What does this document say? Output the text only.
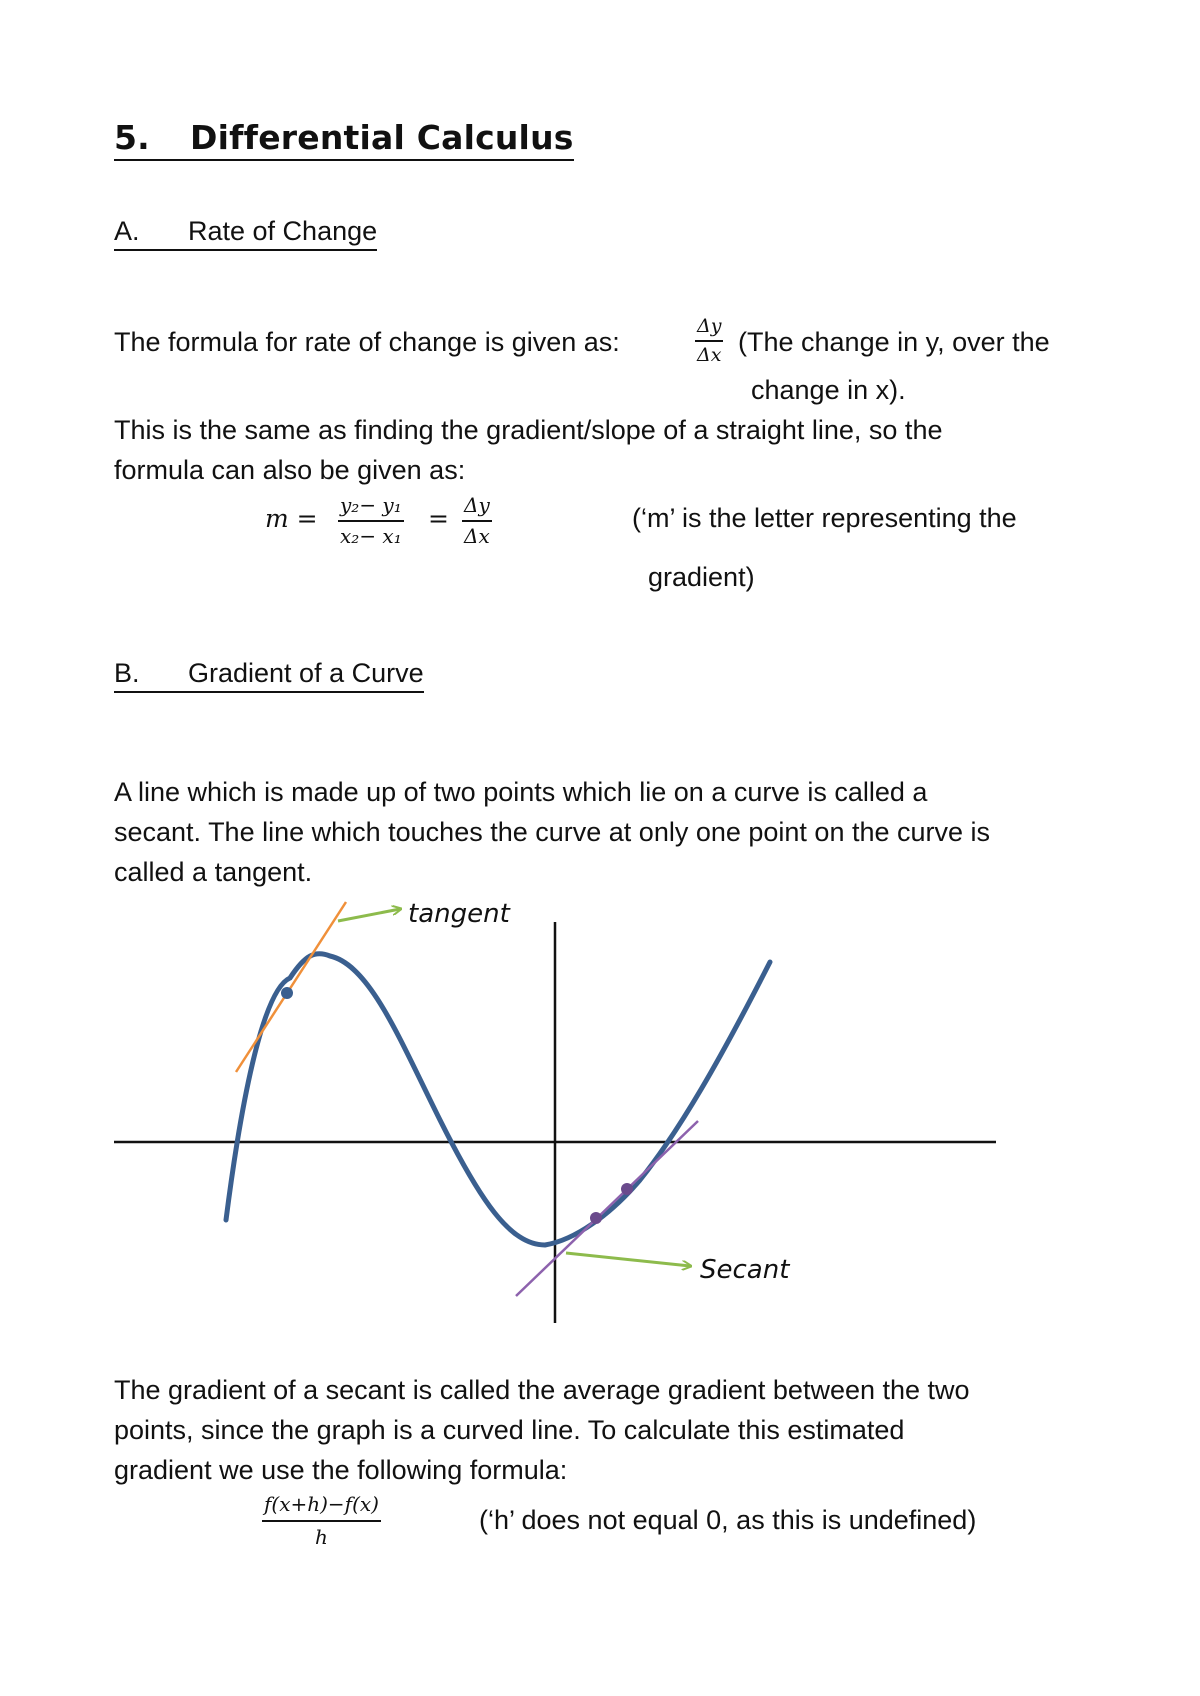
5. Differential Calculus
A. Rate of Change
The formula for rate of change is given as:	$\frac{\Delta y}{\Delta x} (The$ change in y, over the
change in x).
This is the same as finding the gradient/slope of a straight line, so the
formula can also be given as:
$m = \frac{\text{y₂− y₁}}{\text{x₂− x₁}} = \frac{\Delta y}{\Delta x}$	(‘m’ is the letter representing the
gradient)
B. Gradient of a Curve
A line which is made up of two points which lie on a curve is called a
secant. The line which touches the curve at only one point on the curve is
called a tangent.
tangent
Secant
The gradient of a secant is called the average gradient between the two
points, since the graph is a curved line. To calculate this estimated
gradient we use the following formula:
$\frac{f(x+h)-f(x)}{h}$	(‘h’ does not equal 0, as this is undefined)
